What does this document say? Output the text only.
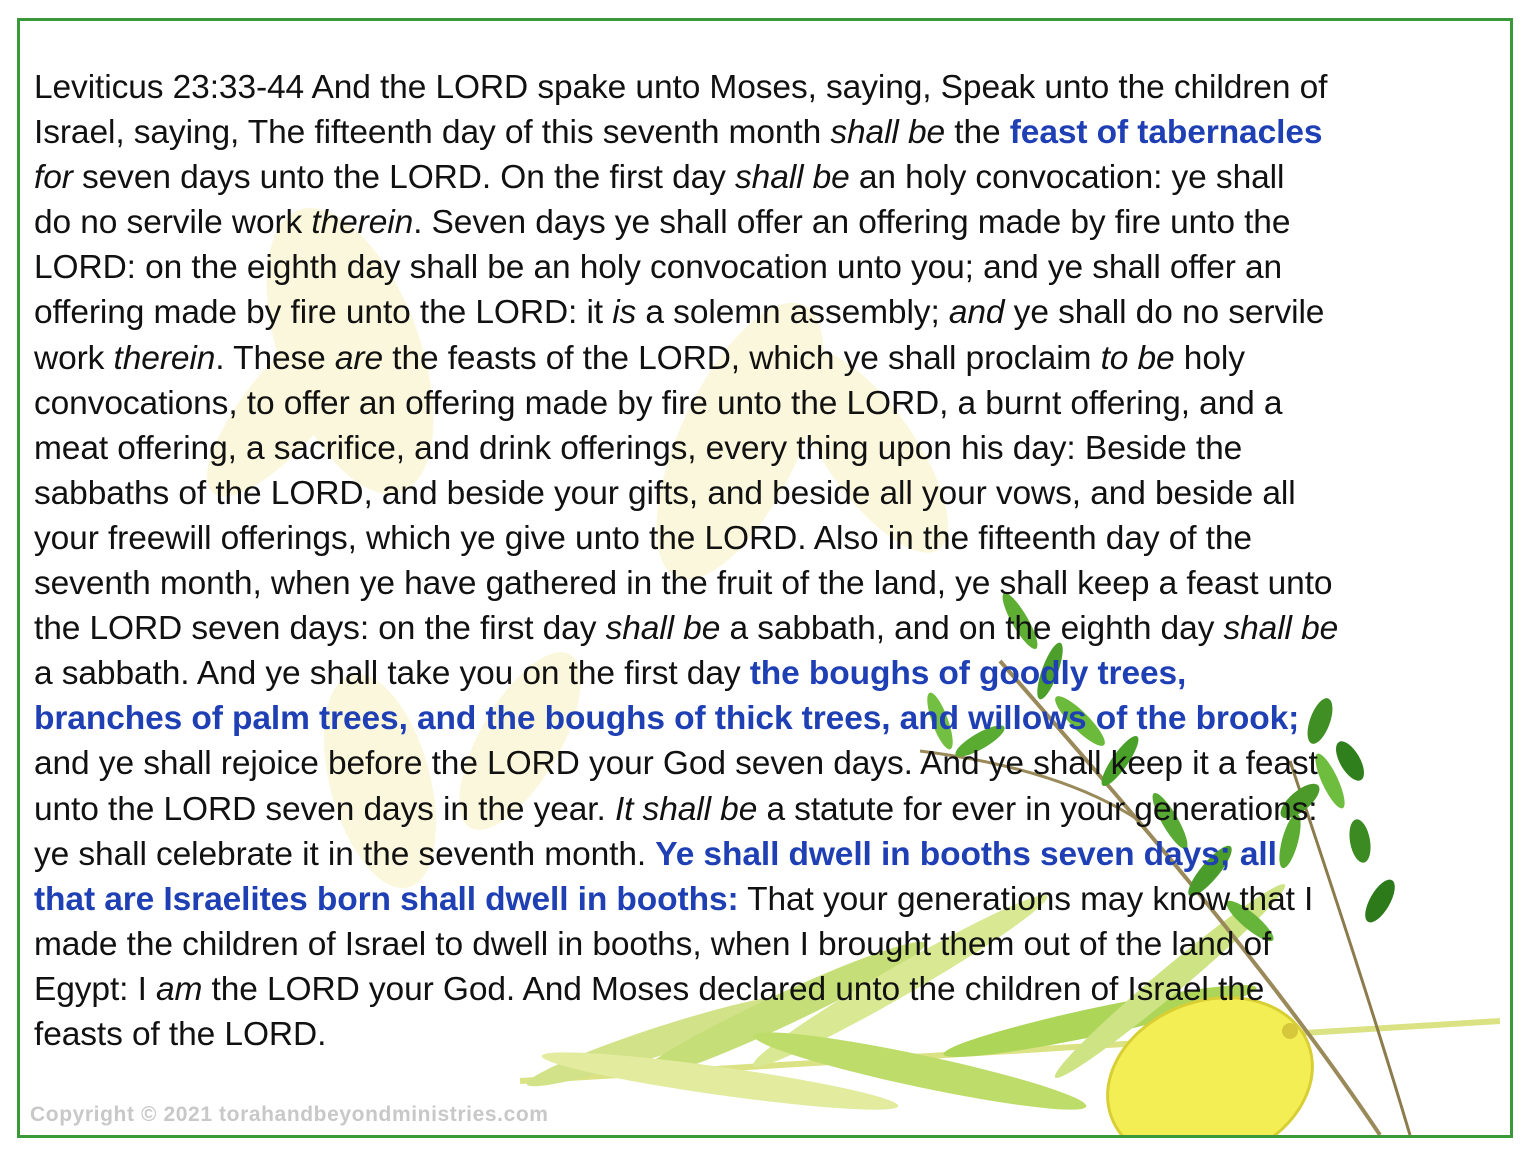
Leviticus 23:33-44 And the LORD spake unto Moses, saying, Speak unto the children of
Israel, saying, The fifteenth day of this seventh month shall be the feast of tabernacles
for seven days unto the LORD. On the first day shall be an holy convocation: ye shall
do no servile work therein. Seven days ye shall offer an offering made by fire unto the
LORD: on the eighth day shall be an holy convocation unto you; and ye shall offer an
offering made by fire unto the LORD: it is a solemn assembly; and ye shall do no servile
work therein. These are the feasts of the LORD, which ye shall proclaim to be holy
convocations, to offer an offering made by fire unto the LORD, a burnt offering, and a
meat offering, a sacrifice, and drink offerings, every thing upon his day: Beside the
sabbaths of the LORD, and beside your gifts, and beside all your vows, and beside all
your freewill offerings, which ye give unto the LORD. Also in the fifteenth day of the
seventh month, when ye have gathered in the fruit of the land, ye shall keep a feast unto
the LORD seven days: on the first day shall be a sabbath, and on the eighth day shall be
a sabbath. And ye shall take you on the first day the boughs of goodly trees,
branches of palm trees, and the boughs of thick trees, and willows of the brook;
and ye shall rejoice before the LORD your God seven days. And ye shall keep it a feast
unto the LORD seven days in the year. It shall be a statute for ever in your generations:
ye shall celebrate it in the seventh month. Ye shall dwell in booths seven days; all
that are Israelites born shall dwell in booths: That your generations may know that I
made the children of Israel to dwell in booths, when I brought them out of the land of
Egypt: I am the LORD your God. And Moses declared unto the children of Israel the
feasts of the LORD.
Copyright © 2021 torahandbeyondministries.com
